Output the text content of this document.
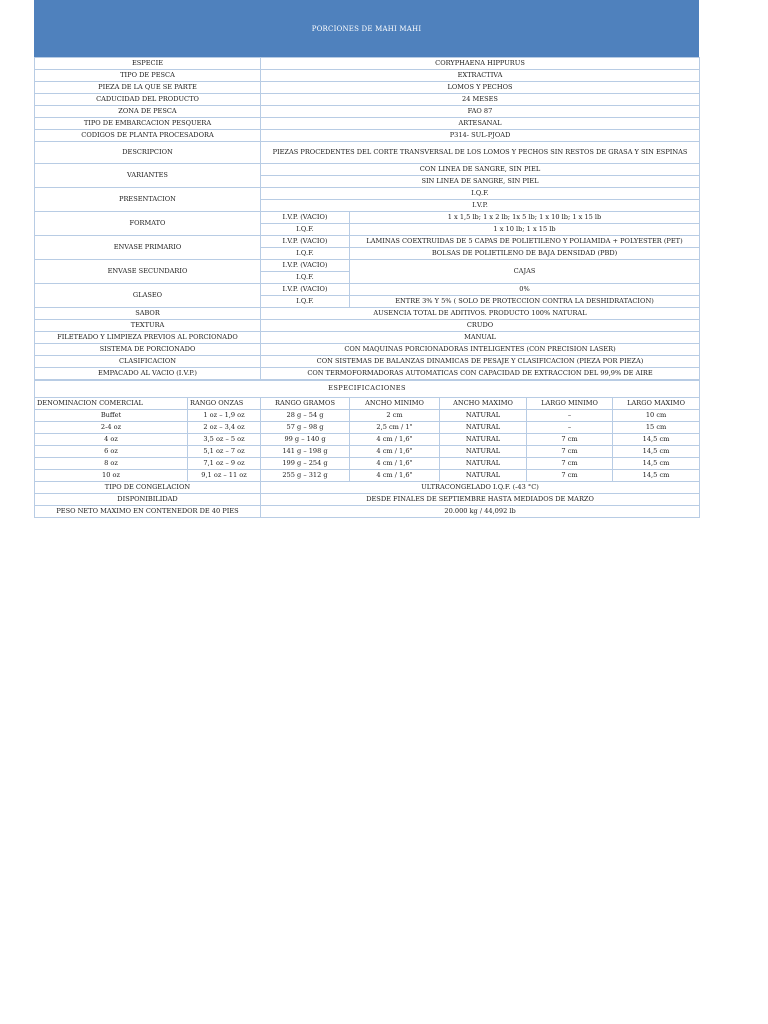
PORCIONES DE MAHI MAHI
ESPECIE	CORYPHAENA HIPPURUS	
TIPO DE PESCA	EXTRACTIVA	
PIEZA DE LA QUE SE PARTE	LOMOS Y PECHOS	
CADUCIDAD DEL PRODUCTO	24 MESES	
ZONA DE PESCA	FAO 87	
TIPO DE EMBARCACION PESQUERA	ARTESANAL	
CODIGOS DE PLANTA PROCESADORA	P314- SUL-PJOAD	
DESCRIPCION	PIEZAS PROCEDENTES DEL CORTE TRANSVERSAL DE LOS LOMOS Y PECHOS SIN RESTOS DE GRASA Y SIN ESPINAS	
VARIANTES	CON LINEA DE SANGRE, SIN PIEL	
	SIN LINEA DE SANGRE, SIN PIEL	
PRESENTACION	I.Q.F.	
	I.V.P.	
FORMATO	I.V.P. (VACIO)	1 x 1,5 lb; 1 x 2 lb; 1x 5 lb; 1 x 10 lb; 1 x 15 lb
	I.Q.F.	1 x 10 lb; 1 x 15 lb
ENVASE PRIMARIO	I.V.P. (VACIO)	LAMINAS COEXTRUIDAS DE 5 CAPAS DE POLIETILENO Y POLIAMIDA + POLYESTER (PET)
	I.Q.F.	BOLSAS DE POLIETILENO DE BAJA DENSIDAD (PBD)
ENVASE SECUNDARIO	I.V.P. (VACIO)	CAJAS
	I.Q.F.	
GLASEO	I.V.P. (VACIO)	0%
	I.Q.F.	ENTRE 3% Y 5% ( SOLO DE PROTECCION CONTRA LA DESHIDRATACION)
SABOR	AUSENCIA TOTAL DE ADITIVOS. PRODUCTO 100% NATURAL	
TEXTURA	CRUDO	
FILETEADO Y LIMPIEZA PREVIOS AL PORCIONADO	MANUAL	
SISTEMA DE PORCIONADO	CON MAQUINAS PORCIONADORAS INTELIGENTES (CON PRECISION LASER)	
CLASIFICACION	CON SISTEMAS DE BALANZAS DINAMICAS DE PESAJE Y CLASIFICACION (PIEZA POR PIEZA)	
EMPACADO AL VACIO (I.V.P.)	CON TERMOFORMADORAS AUTOMATICAS CON CAPACIDAD DE EXTRACCION DEL 99,9% DE AIRE	
ESPECIFICACIONES						
DENOMINACION COMERCIAL	RANGO ONZAS	RANGO GRAMOS	ANCHO MINIMO	ANCHO MAXIMO	LARGO MINIMO	LARGO MAXIMO
Buffet	1 oz – 1,9 oz	28 g – 54 g	2 cm	NATURAL	–	10 cm
2-4 oz	2 oz – 3,4 oz	57 g – 98 g	2,5 cm / 1"	NATURAL	–	15 cm
4 oz	3,5 oz – 5 oz	99 g – 140 g	4 cm / 1,6"	NATURAL	7 cm	14,5 cm
6 oz	5,1 oz – 7 oz	141 g – 198 g	4 cm / 1,6"	NATURAL	7 cm	14,5 cm
8 oz	7,1 oz – 9 oz	199 g – 254 g	4 cm / 1,6"	NATURAL	7 cm	14,5 cm
10 oz	9,1 oz – 11 oz	255 g – 312 g	4 cm / 1,6"	NATURAL	7 cm	14,5 cm
TIPO DE CONGELACION		ULTRACONGELADO I.Q.F. (-43 °C)				
DISPONIBILIDAD		DESDE FINALES DE SEPTIEMBRE HASTA MEDIADOS DE MARZO				
PESO NETO MAXIMO EN CONTENEDOR DE 40 PIES		20.000 kg / 44,092 lb				
